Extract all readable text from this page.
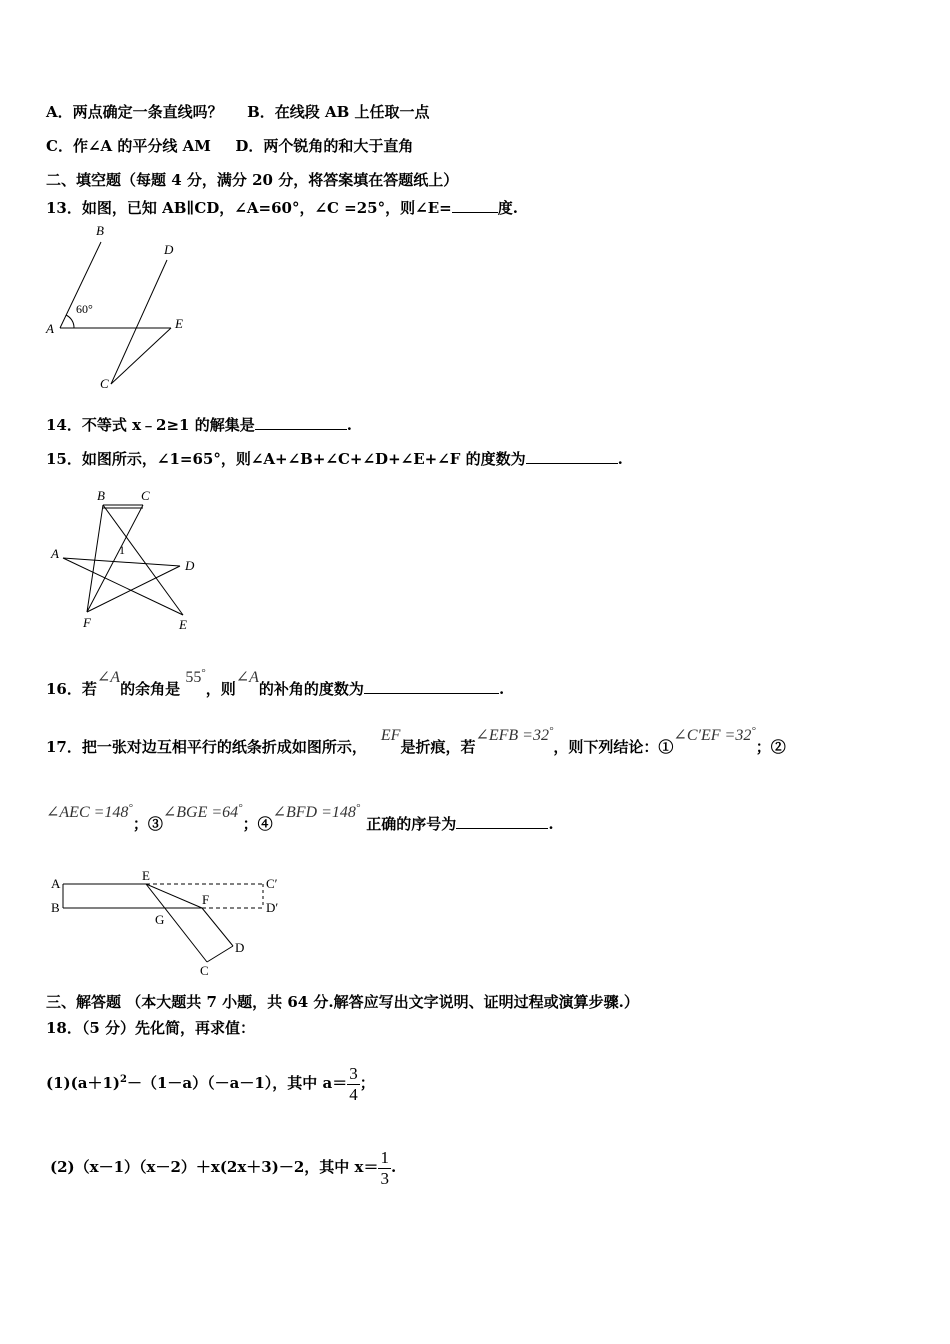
A．两点确定一条直线吗？ B．在线段 AB 上任取一点
C．作∠A 的平分线 AM D．两个锐角的和大于直角
二、填空题（每题 4 分，满分 20 分，将答案填在答题纸上）
13．如图，已知 AB∥CD，∠A=60°，∠C =25°，则∠E=	度.
B
D
60°
A	E
C
14．不等式 x﹣2≥1 的解集是	.
15．如图所示，∠1=65°，则∠A+∠B+∠C+∠D+∠E+∠F 的度数为	.
B	C
1
A
D
F	E
16．若∠A的余角是 55°，则∠A的补角的度数为	.
17．把一张对边互相平行的纸条折成如图所示，EF是折痕，若∠EFB =32°，则下列结论：①∠C′EF =32°；②
∠AEC =148°；③∠BGE =64°；④∠BFD =148°正确的序号为	.
A
B
E
C′
F
D′
G
D
C
三、解答题 （本大题共 7 小题，共 64 分.解答应写出文字说明、证明过程或演算步骤.）
18．（5 分）先化简，再求值：
$(1)(a+1)^2-(1-a)(-a-1)$，其中 $a= \frac{3}{4}$ ；
(2)（x－1）（x－2）＋x(2x＋3)－2，其中 $x= \frac{1}{3}$ .
